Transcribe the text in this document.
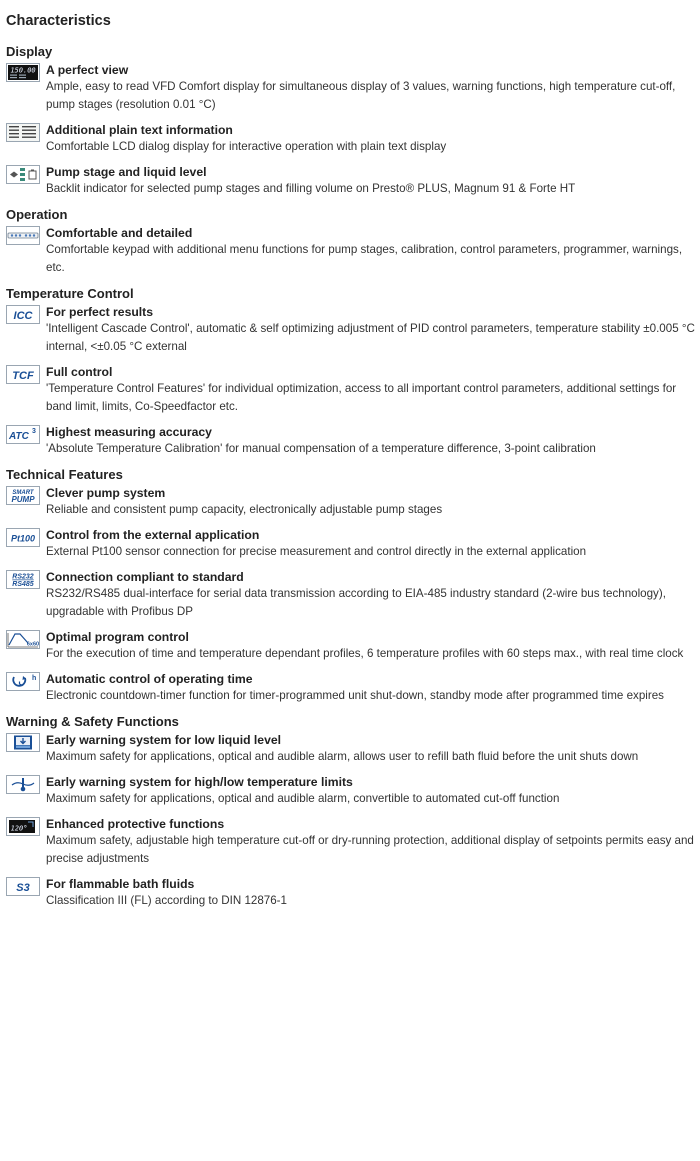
Characteristics
Display
150.00 A perfect view
Ample, easy to read VFD Comfort display for simultaneous display of 3 values, warning functions, high temperature cut-off, pump stages (resolution 0.01 °C)
Additional plain text information
Comfortable LCD dialog display for interactive operation with plain text display
Pump stage and liquid level
Backlit indicator for selected pump stages and filling volume on Presto® PLUS, Magnum 91 & Forte HT
Operation
Comfortable and detailed
Comfortable keypad with additional menu functions for pump stages, calibration, control parameters, programmer, warnings, etc.
Temperature Control
ICC For perfect results
'Intelligent Cascade Control', automatic & self optimizing adjustment of PID control parameters, temperature stability ±0.005 °C internal, <±0.05 °C external
TCF Full control
'Temperature Control Features' for individual optimization, access to all important control parameters, additional settings for band limit, limits, Co-Speedfactor etc.
ATC 3 Highest measuring accuracy
'Absolute Temperature Calibration' for manual compensation of a temperature difference, 3-point calibration
Technical Features
SMART
PUMP Clever pump system
Reliable and consistent pump capacity, electronically adjustable pump stages
Pt100 Control from the external application
External Pt100 sensor connection for precise measurement and control directly in the external application
RS232
RS485
Connection compliant to standard
RS232/RS485 dual-interface for serial data transmission according to EIA-485 industry standard (2-wire bus technology), upgradable with Profibus DP
6x60
Optimal program control
For the execution of time and temperature dependant profiles, 6 temperature profiles with 60 steps max., with real time clock
h Automatic control of operating time
Electronic countdown-timer function for timer-programmed unit shut-down, standby mode after programmed time expires
Warning & Safety Functions
Early warning system for low liquid level
Maximum safety for applications, optical and audible alarm, allows user to refill bath fluid before the unit shuts down
Early warning system for high/low temperature limits
Maximum safety for applications, optical and audible alarm, convertible to automated cut-off function
120° Enhanced protective functions
Maximum safety, adjustable high temperature cut-off or dry-running protection, additional display of setpoints permits easy and precise adjustments
S3 For flammable bath fluids
Classification III (FL) according to DIN 12876-1
